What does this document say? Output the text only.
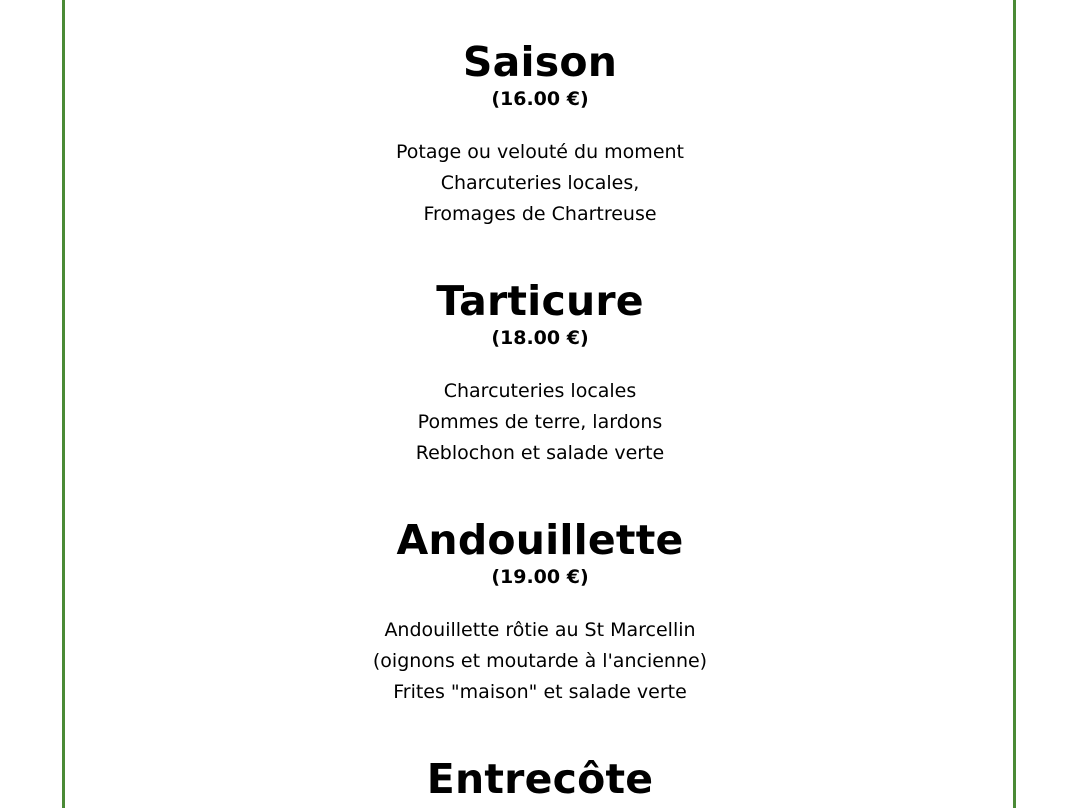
Saison
(16.00 €)
Potage ou velouté du moment
Charcuteries locales,
Fromages de Chartreuse
Tarticure
(18.00 €)
Charcuteries locales
Pommes de terre, lardons
Reblochon et salade verte
Andouillette
(19.00 €)
Andouillette rôtie au St Marcellin
(oignons et moutarde à l'ancienne)
Frites "maison" et salade verte
Entrecôte
